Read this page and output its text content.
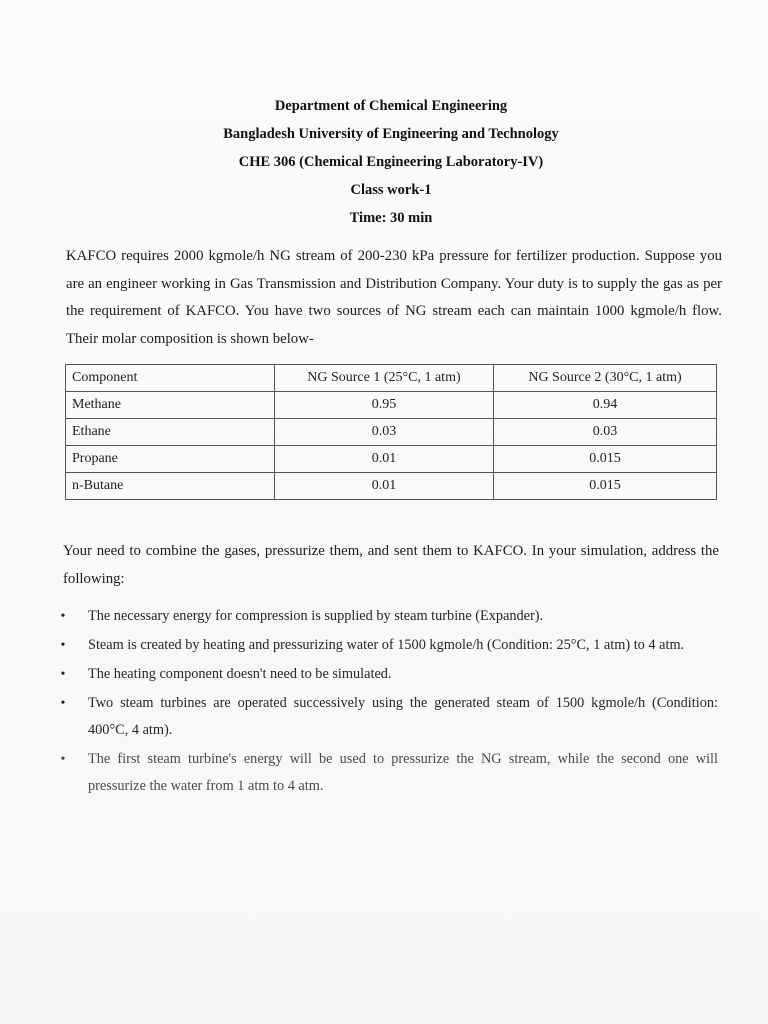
Department of Chemical Engineering
Bangladesh University of Engineering and Technology
CHE 306 (Chemical Engineering Laboratory-IV)
Class work-1
Time: 30 min
KAFCO requires 2000 kgmole/h NG stream of 200-230 kPa pressure for fertilizer production. Suppose you are an engineer working in Gas Transmission and Distribution Company. Your duty is to supply the gas as per the requirement of KAFCO. You have two sources of NG stream each can maintain 1000 kgmole/h flow. Their molar composition is shown below-
Component	NG Source 1 (25°C, 1 atm)	NG Source 2 (30°C, 1 atm)
Methane	0.95	0.94
Ethane	0.03	0.03
Propane	0.01	0.015
n-Butane	0.01	0.015
Your need to combine the gases, pressurize them, and sent them to KAFCO. In your simulation, address the following:
• The necessary energy for compression is supplied by steam turbine (Expander).
• Steam is created by heating and pressurizing water of 1500 kgmole/h (Condition: 25°C, 1 atm) to 4 atm.
• The heating component doesn't need to be simulated.
• Two steam turbines are operated successively using the generated steam of 1500 kgmole/h (Condition: 400°C, 4 atm).
• The first steam turbine's energy will be used to pressurize the NG stream, while the second one will pressurize the water from 1 atm to 4 atm.
